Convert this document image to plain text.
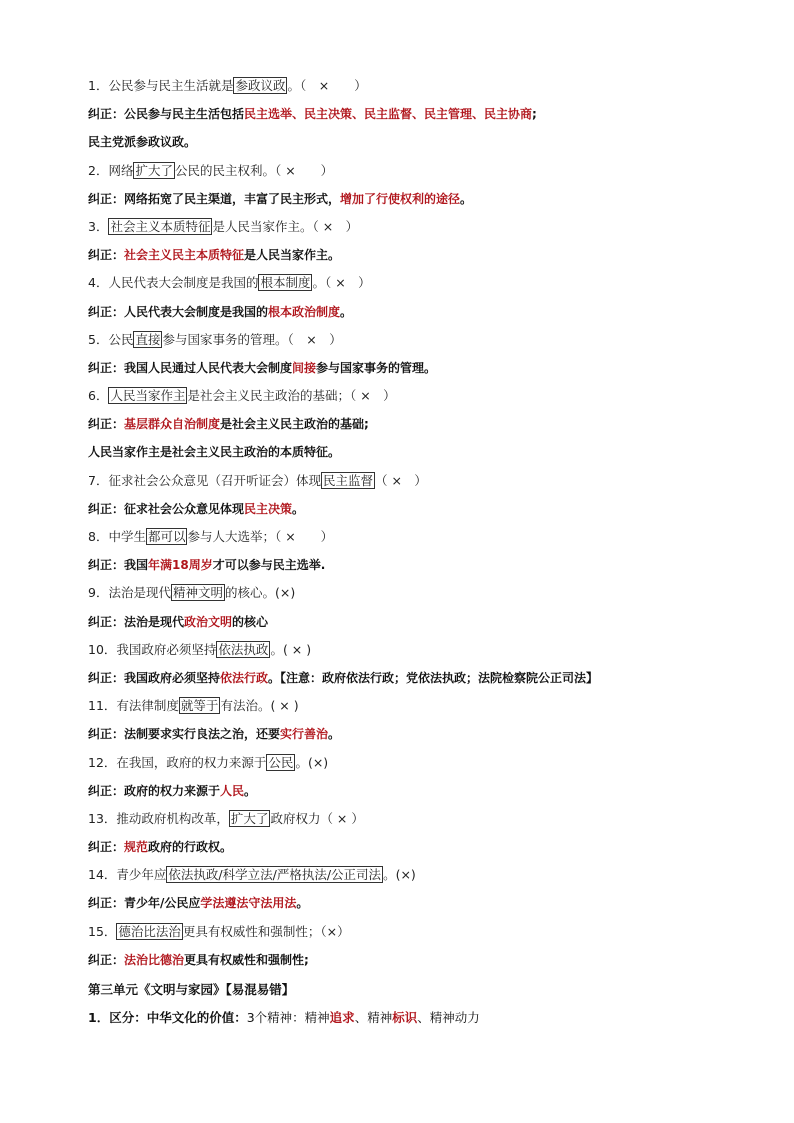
1．公民参与民主生活就是 参政议政 。（　×　　）
纠正：公民参与民主生活包括民主选举、民主决策、民主监督、民主管理、民主协商;
民主党派参政议政。
2．网络 扩大了 公民的民主权利。（ ×　　）
纠正：网络拓宽了民主渠道，丰富了民主形式，增加了行使权利的途径。
3． 社会主义本质特征 是人民当家作主。（ ×　）
纠正：社会主义民主本质特征是人民当家作主。
4．人民代表大会制度是我国的 根本制度 。（ ×　）
纠正：人民代表大会制度是我国的根本政治制度。
5．公民 直接 参与国家事务的管理。（　×　）
纠正：我国人民通过人民代表大会制度间接参与国家事务的管理。
6． 人民当家作主 是社会主义民主政治的基础；（ ×　）
纠正：基层群众自治制度是社会主义民主政治的基础;
人民当家作主是社会主义民主政治的本质特征。
7．征求社会公众意见（召开听证会）体现 民主监督 （ ×　）
纠正：征求社会公众意见体现民主决策。
8．中学生 都可以 参与人大选举；（ ×　　）
纠正：我国年满18周岁才可以参与民主选举.
9．法治是现代 精神文明 的核心。(×)
纠正：法治是现代政治文明的核心
10．我国政府必须坚持 依法执政 。( × )
纠正：我国政府必须坚持依法行政。【注意：政府依法行政；党依法执政；法院检察院公正司法】
11．有法律制度 就等于 有法治。( × )
纠正：法制要求实行良法之治，还要实行善治。
12．在我国，政府的权力来源于 公民 。(×)
纠正：政府的权力来源于人民。
13．推动政府机构改革， 扩大了 政府权力（ × ）
纠正：规范政府的行政权。
14．青少年应 依法执政/科学立法/严格执法/公正司法 。(×)
纠正：青少年/公民应学法遵法守法用法。
15． 德治比法治 更具有权威性和强制性；（×）
纠正：法治比德治更具有权威性和强制性;
第三单元《文明与家园》【易混易错】
1．区分：中华文化的价值：3个精神：精神追求、精神标识、精神动力
